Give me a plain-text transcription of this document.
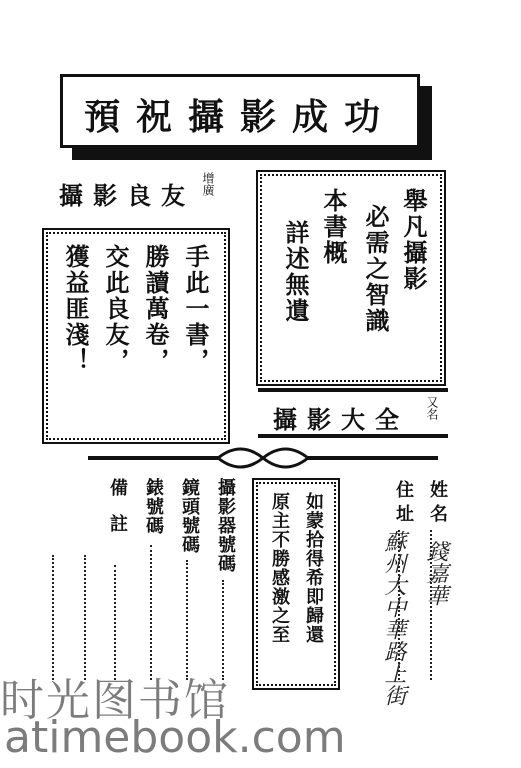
預祝攝影成功
攝影良友 增廣
手此一書，
勝讀萬卷，
交此良友，
獲益匪淺！
舉凡攝影
必需之智識
本書概
詳述無遺
攝影大全	又名
姓名
錢嘉華
住址
蘇州大中華路上街
如蒙拾得希即歸還
原主不勝感激之至
攝影器號碼
鏡頭號碼
錶號碼
備註
时光图书馆
atimebook.com
